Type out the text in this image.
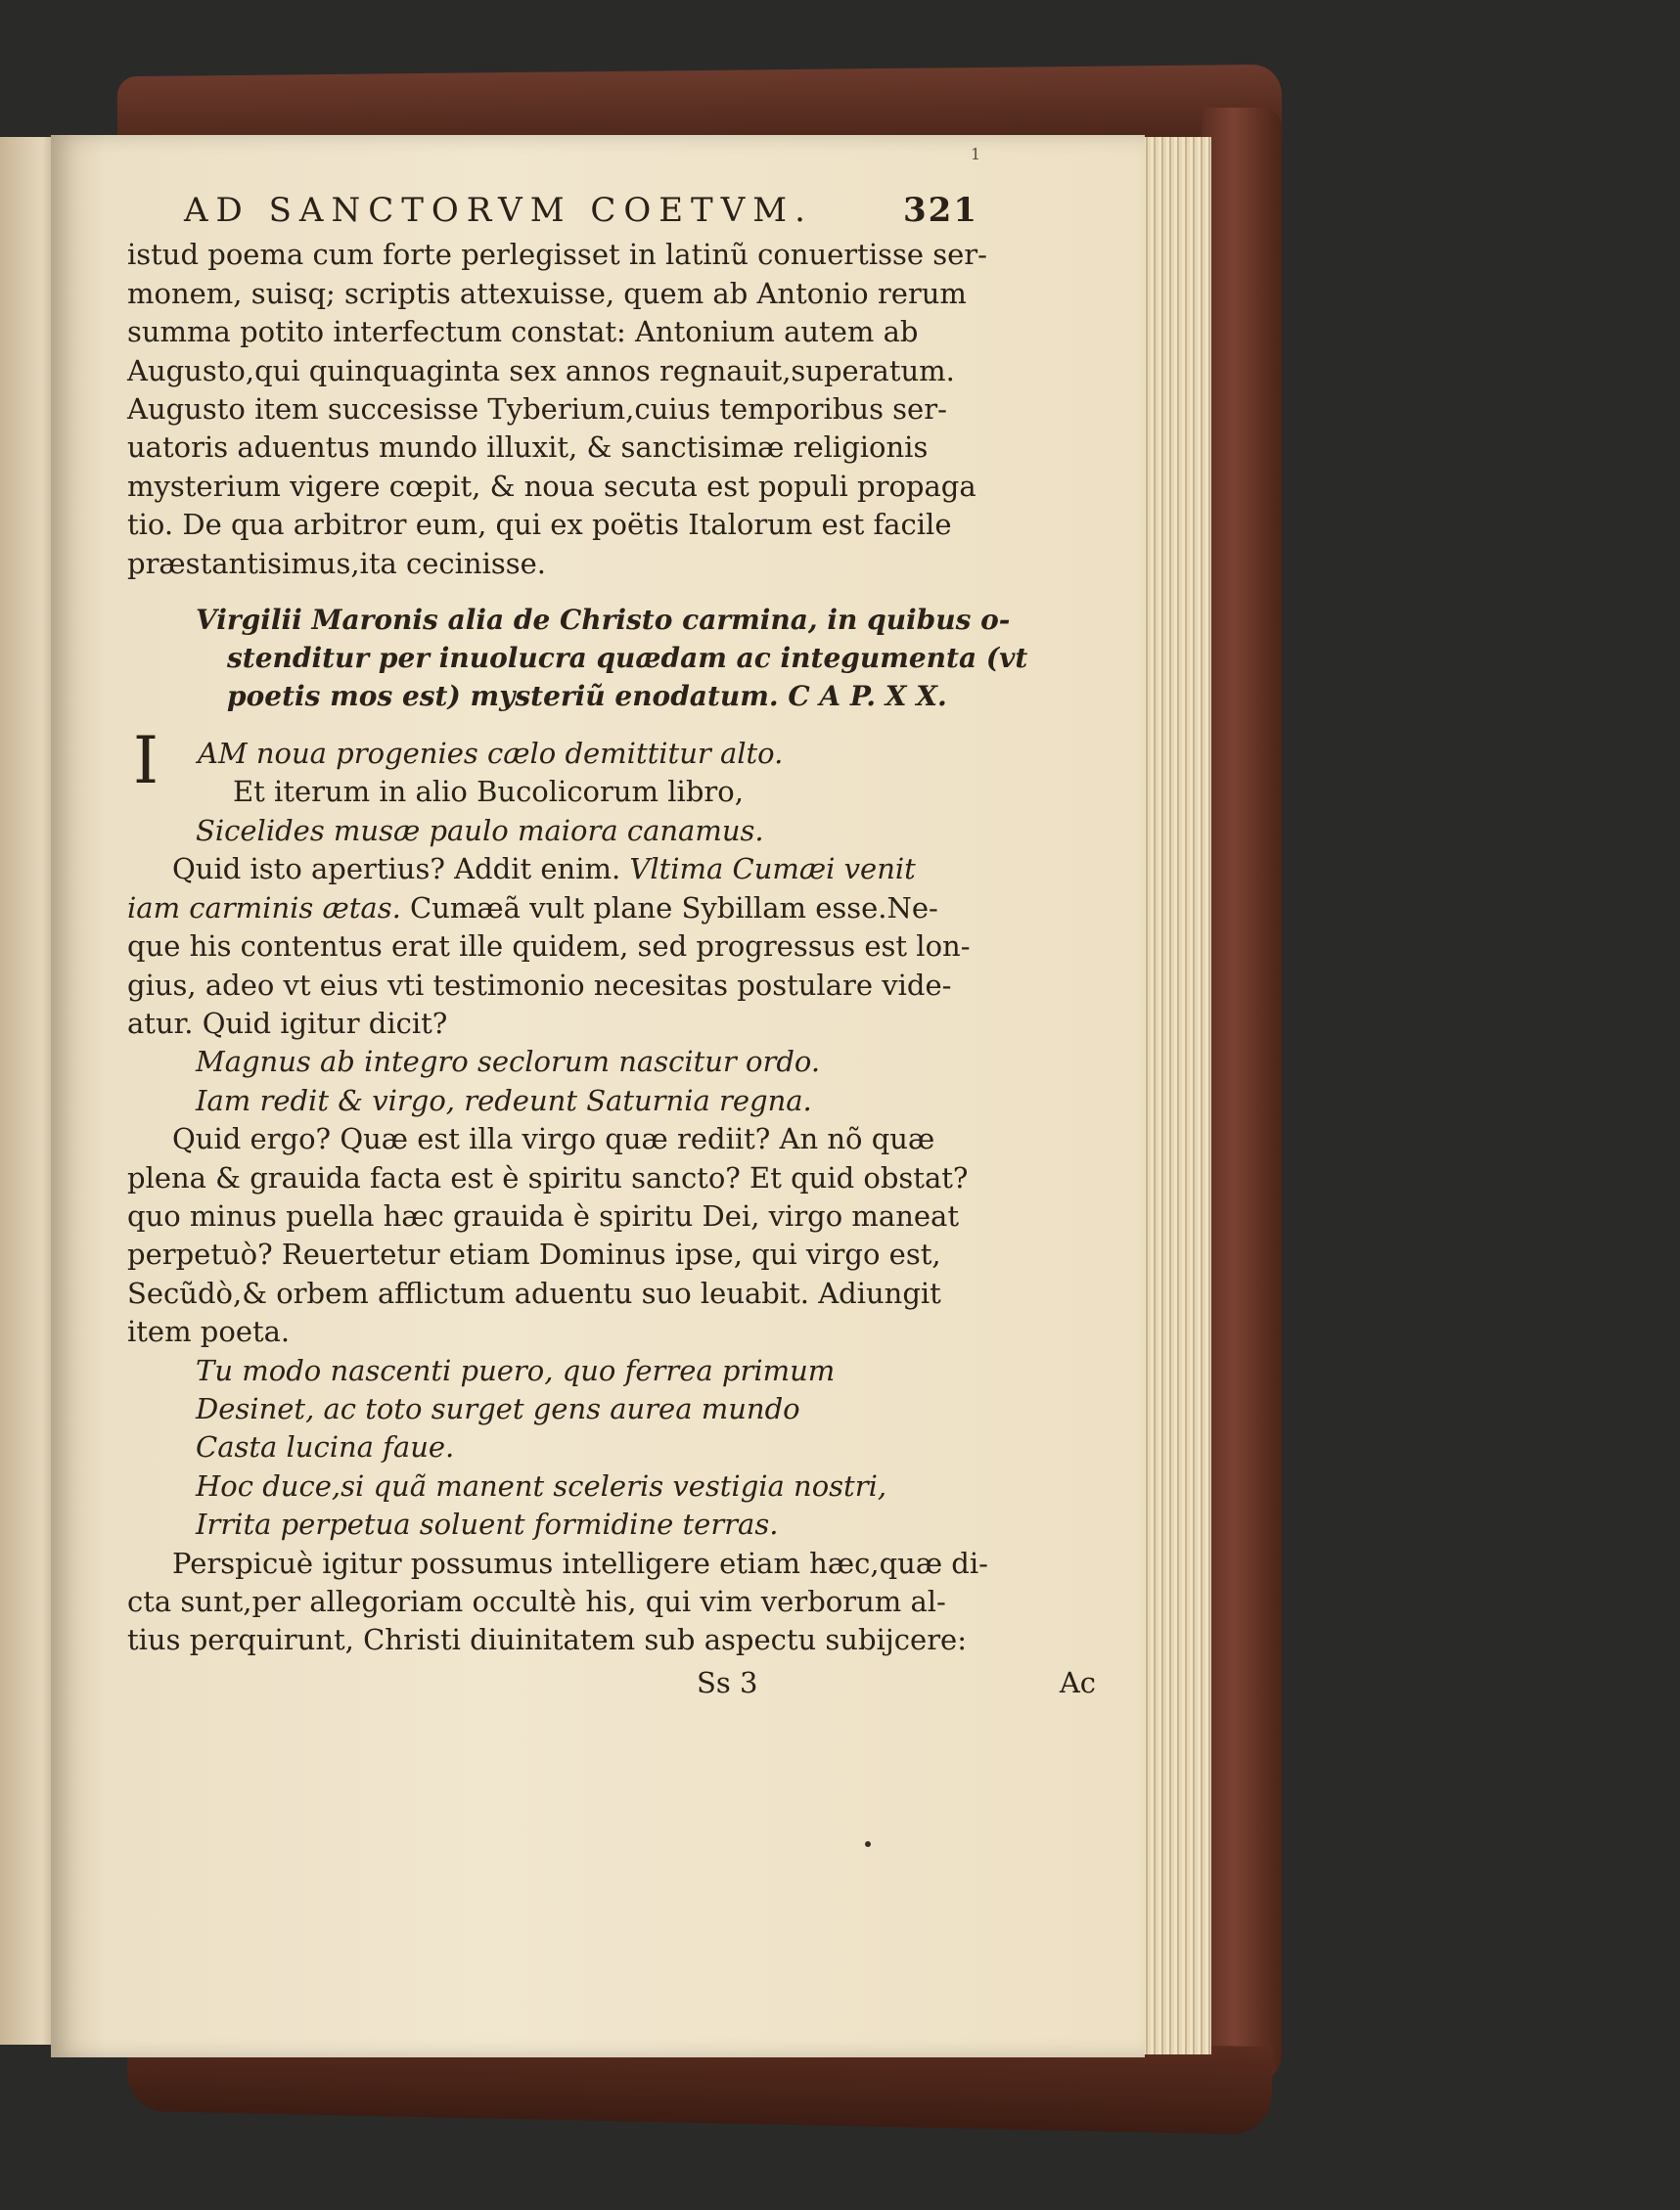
1
AD SANCTORVM COETVM.	321
istud poema cum forte perlegisset in latinũ conuertisse ser-
monem, suisq; scriptis attexuisse, quem ab Antonio rerum
summa potito interfectum constat: Antonium autem ab
Augusto,qui quinquaginta sex annos regnauit,superatum.
Augusto item succesisse Tyberium,cuius temporibus ser-
uatoris aduentus mundo illuxit, & sanctisimæ religionis
mysterium vigere cœpit, & noua secuta est populi propaga
tio. De qua arbitror eum, qui ex poëtis Italorum est facile
præstantisimus,ita cecinisse.
Virgilii Maronis alia de Christo carmina, in quibus o-
stenditur per inuolucra quædam ac integumenta (vt
poetis mos est) mysteriũ enodatum. C A P. X X.
I AM noua progenies cælo demittitur alto.
Et iterum in alio Bucolicorum libro,
Sicelides musæ paulo maiora canamus.
Quid isto apertius? Addit enim. Vltima Cumæi venit
iam carminis ætas. Cumæã vult plane Sybillam esse.Ne-
que his contentus erat ille quidem, sed progressus est lon-
gius, adeo vt eius vti testimonio necesitas postulare vide-
atur. Quid igitur dicit?
Magnus ab integro seclorum nascitur ordo.
Iam redit & virgo, redeunt Saturnia regna.
Quid ergo? Quæ est illa virgo quæ rediit? An nõ quæ
plena & grauida facta est è spiritu sancto? Et quid obstat?
quo minus puella hæc grauida è spiritu Dei, virgo maneat
perpetuò? Reuertetur etiam Dominus ipse, qui virgo est,
Secũdò,& orbem afflictum aduentu suo leuabit. Adiungit
item poeta.
Tu modo nascenti puero, quo ferrea primum
Desinet, ac toto surget gens aurea mundo
Casta lucina faue.
Hoc duce,si quã manent sceleris vestigia nostri,
Irrita perpetua soluent formidine terras.
Perspicuè igitur possumus intelligere etiam hæc,quæ di-
cta sunt,per allegoriam occultè his, qui vim verborum al-
tius perquirunt, Christi diuinitatem sub aspectu subijcere:
Ss 3	Ac
